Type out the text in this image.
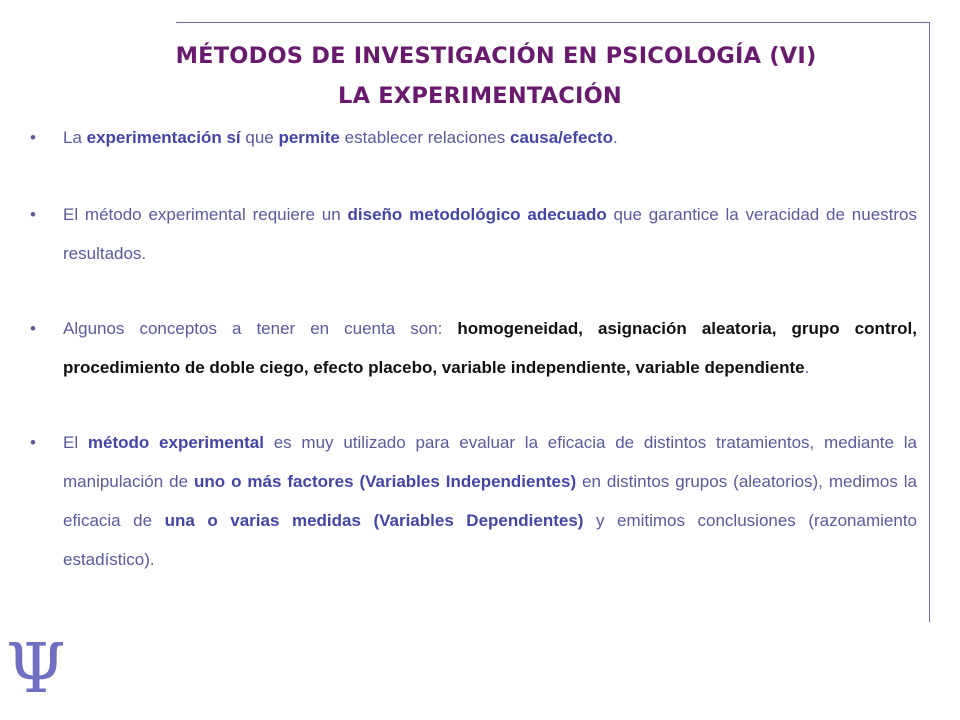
MÉTODOS DE INVESTIGACIÓN EN PSICOLOGÍA (VI)
LA EXPERIMENTACIÓN
• La experimentación sí que permite establecer relaciones causa/efecto.
• El método experimental requiere un diseño metodológico adecuado que garantice la veracidad de nuestros resultados.
• Algunos conceptos a tener en cuenta son: homogeneidad, asignación aleatoria, grupo control, procedimiento de doble ciego, efecto placebo, variable independiente, variable dependiente.
• El método experimental es muy utilizado para evaluar la eficacia de distintos tratamientos, mediante la manipulación de uno o más factores (Variables Independientes) en distintos grupos (aleatorios), medimos la eficacia de una o varias medidas (Variables Dependientes) y emitimos conclusiones (razonamiento estadístico).
Ψ
